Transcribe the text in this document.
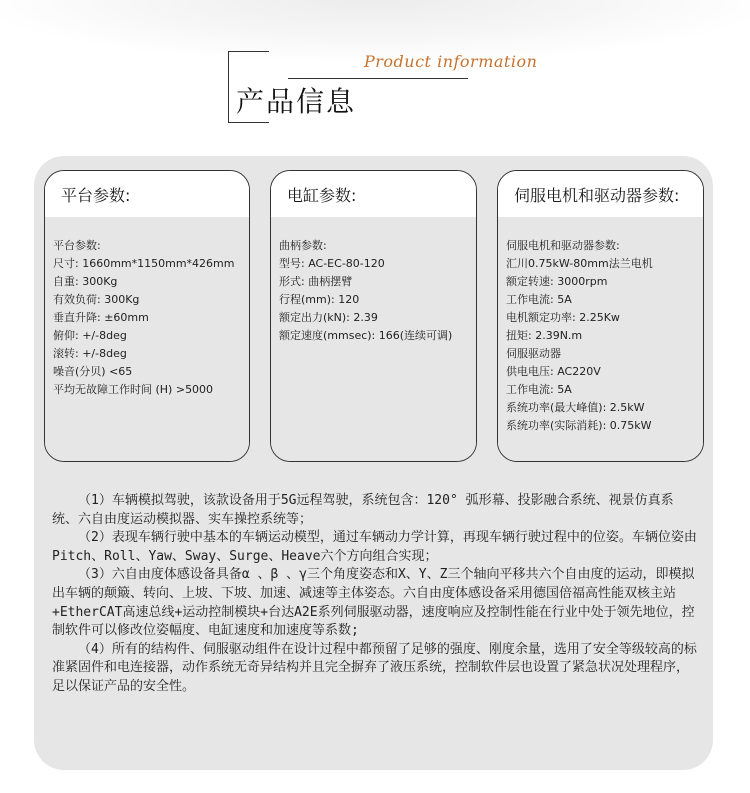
Product information
产品信息
平台参数:
平台参数:
尺寸: 1660mm*1150mm*426mm
自重: 300Kg
有效负荷: 300Kg
垂直升降: ±60mm
俯仰: +/-8deg
滚转: +/-8deg
噪音(分贝) <65
平均无故障工作时间 (H) >5000
电缸参数:
曲柄参数:
型号: AC-EC-80-120
形式: 曲柄摆臂
行程(mm): 120
额定出力(kN): 2.39
额定速度(mmsec): 166(连续可调)
伺服电机和驱动器参数:
伺服电机和驱动器参数:
汇川0.75kW-80mm法兰电机
额定转速: 3000rpm
工作电流: 5A
电机额定功率: 2.25Kw
扭矩: 2.39N.m
伺服驱动器
供电电压: AC220V
工作电流: 5A
系统功率(最大峰值): 2.5kW
系统功率(实际消耗): 0.75kW

（1）车辆模拟驾驶，该款设备用于5G远程驾驶，系统包含：120° 弧形幕、投影融合系统、视景仿真系统、六自由度运动模拟器、实车操控系统等；

（2）表现车辆行驶中基本的车辆运动模型，通过车辆动力学计算，再现车辆行驶过程中的位姿。车辆位姿由Pitch、Roll、Yaw、Sway、Surge、Heave六个方向组合实现；

（3）六自由度体感设备具备α 、β 、γ三个角度姿态和X、Y、Z三个轴向平移共六个自由度的运动，即模拟出车辆的颠簸、转向、上坡、下坡、加速、减速等主体姿态。六自由度体感设备采用德国倍福高性能双核主站+EtherCAT高速总线+运动控制模块+台达A2E系列伺服驱动器，速度响应及控制性能在行业中处于领先地位，控制软件可以修改位姿幅度、电缸速度和加速度等系数;

（4）所有的结构件、伺服驱动组件在设计过程中都预留了足够的强度、刚度余量，选用了安全等级较高的标准紧固件和电连接器，动作系统无奇异结构并且完全摒弃了液压系统，控制软件层也设置了紧急状况处理程序，足以保证产品的安全性。
